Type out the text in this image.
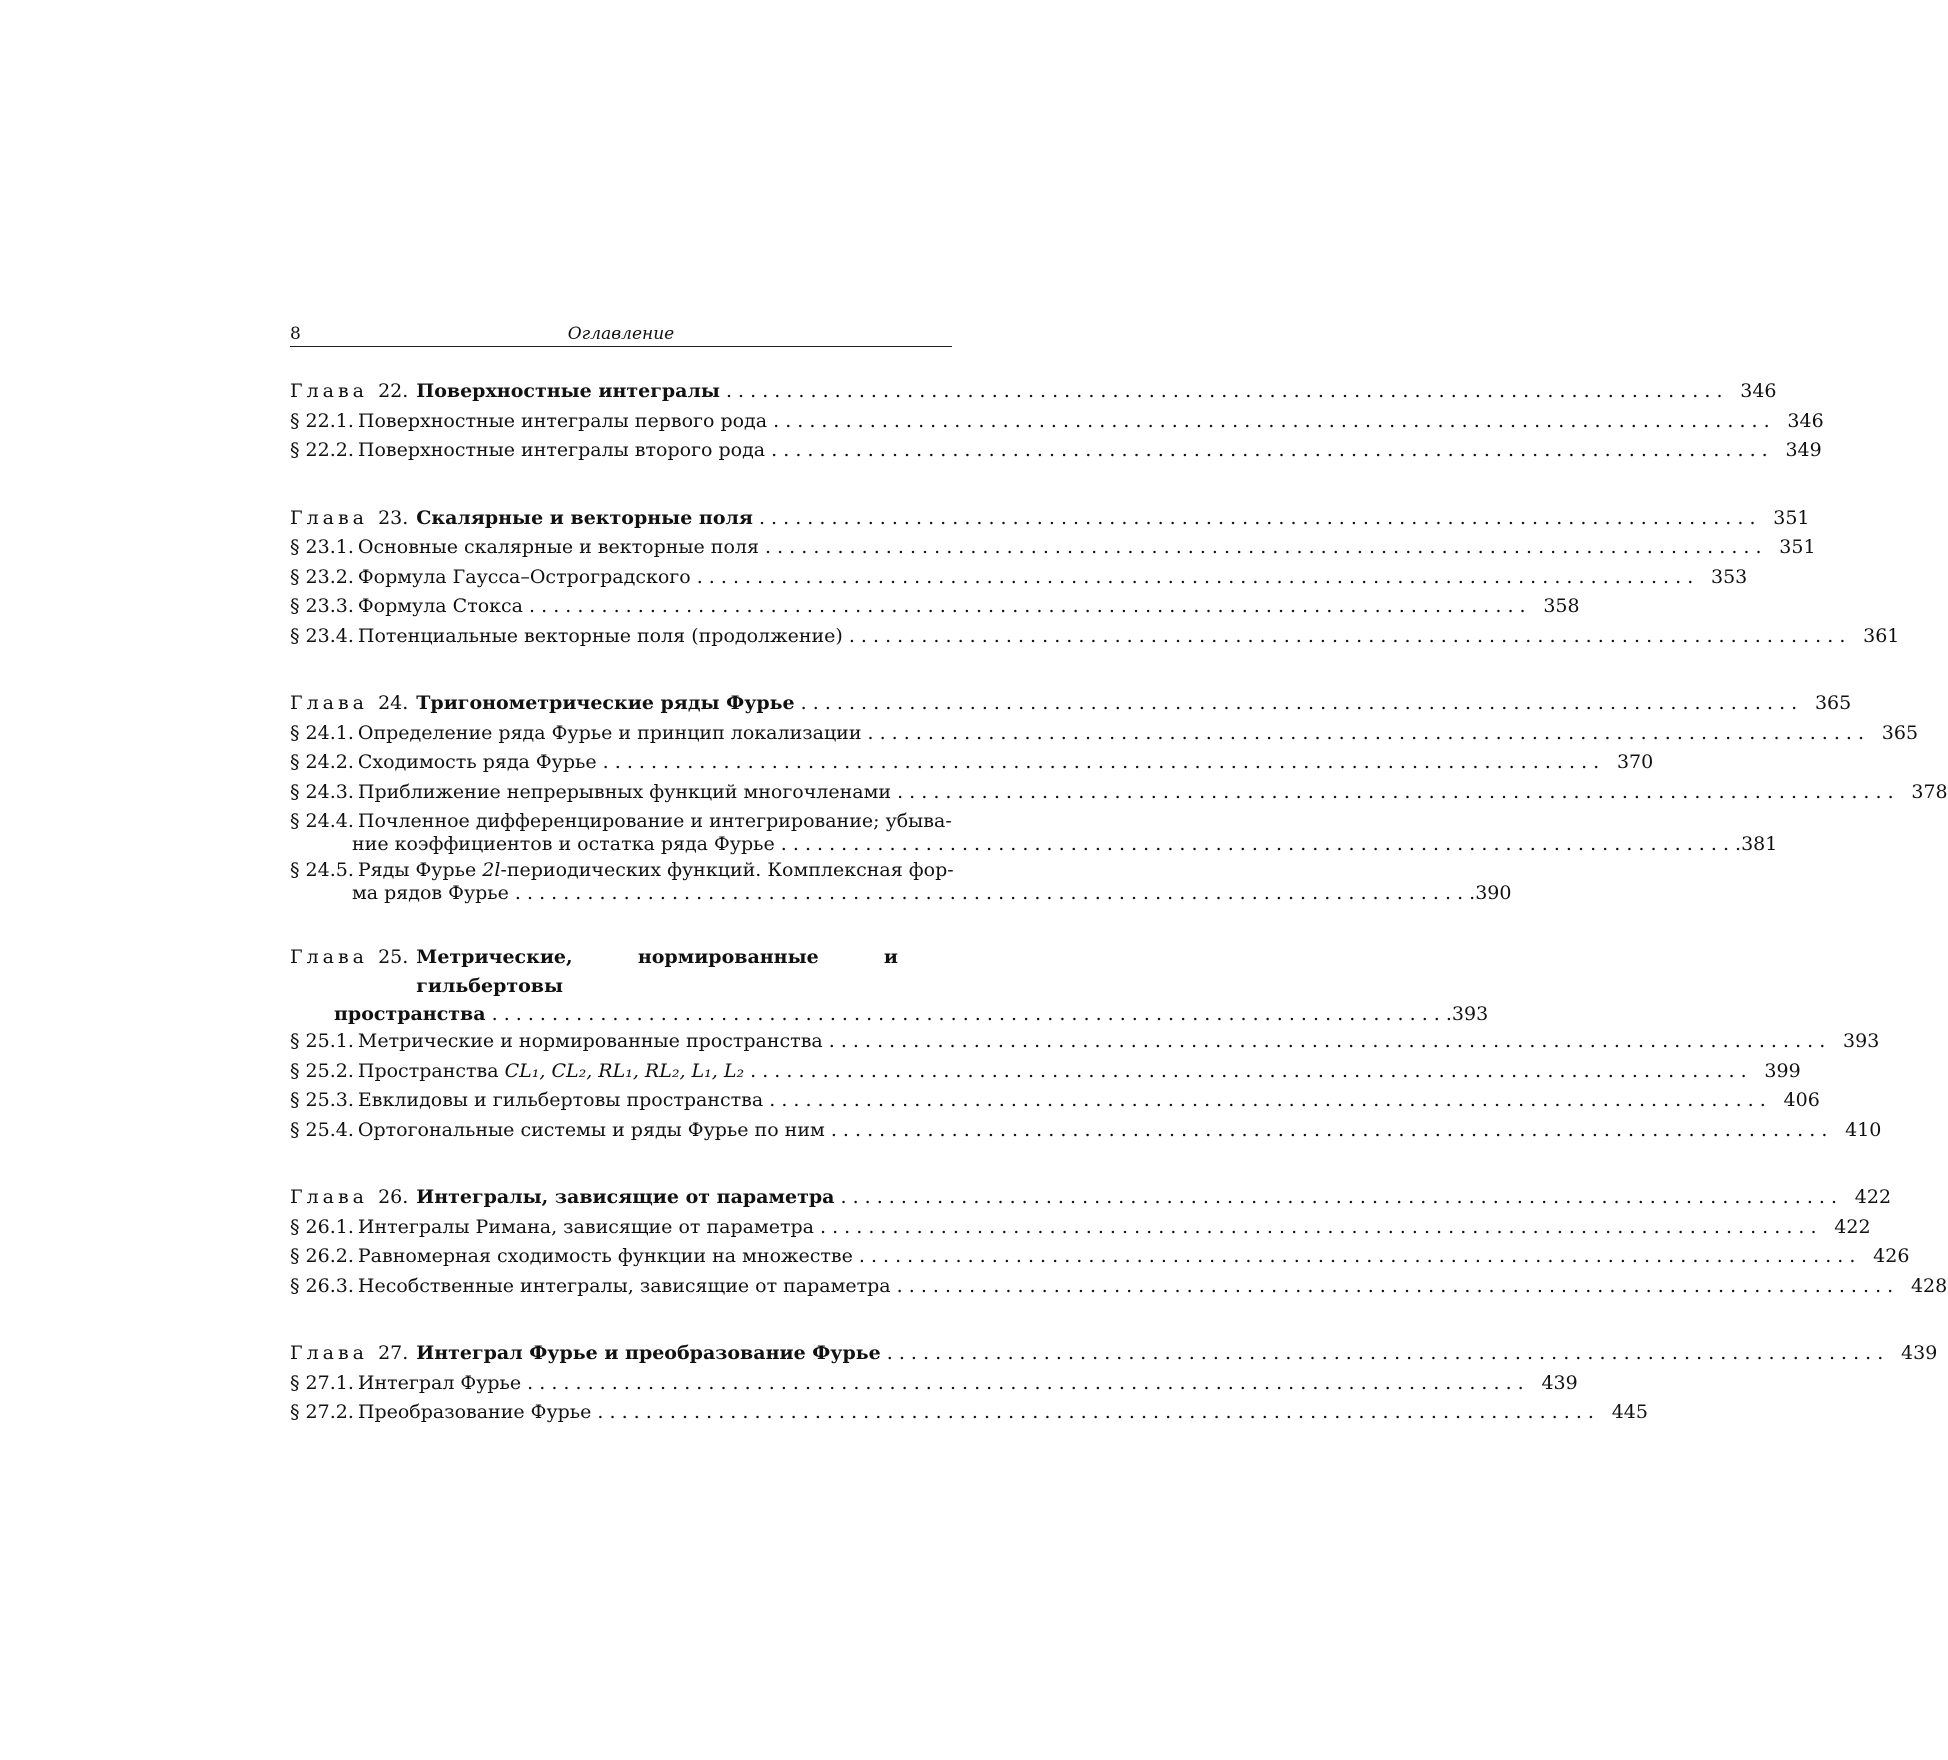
8	Оглавление
Глава 22. Поверхностные интегралы . . .	346
§ 22.1. Поверхностные интегралы первого рода . . .	346
§ 22.2. Поверхностные интегралы второго рода . . .	349
Глава 23. Скалярные и векторные поля . . .	351
§ 23.1. Основные скалярные и векторные поля . . .	351
§ 23.2. Формула Гаусса–Остроградского . . .	353
§ 23.3. Формула Стокса . . .	358
§ 23.4. Потенциальные векторные поля (продолжение) . . .	361
Глава 24. Тригонометрические ряды Фурье . . .	365
§ 24.1. Определение ряда Фурье и принцип локализации . . .	365
§ 24.2. Сходимость ряда Фурье . . .	370
§ 24.3. Приближение непрерывных функций многочленами . . .	378
§ 24.4. Почленное дифференцирование и интегрирование; убыва-
ние коэффициентов и остатка ряда Фурье . . .	381
§ 24.5. Ряды Фурье 2l-периодических функций. Комплексная фор-
ма рядов Фурье . . .	390
Глава 25. Метрические, нормированные и гильбертовы
пространства . . .	393
§ 25.1. Метрические и нормированные пространства . . .	393
§ 25.2. Пространства CL₁, CL₂, RL₁, RL₂, L₁, L₂ . . .	399
§ 25.3. Евклидовы и гильбертовы пространства . . .	406
§ 25.4. Ортогональные системы и ряды Фурье по ним . . .	410
Глава 26. Интегралы, зависящие от параметра . . .	422
§ 26.1. Интегралы Римана, зависящие от параметра . . .	422
§ 26.2. Равномерная сходимость функции на множестве . . .	426
§ 26.3. Несобственные интегралы, зависящие от параметра . . .	428
Глава 27. Интеграл Фурье и преобразование Фурье . . .	439
§ 27.1. Интеграл Фурье . . .	439
§ 27.2. Преобразование Фурье . . .	445
